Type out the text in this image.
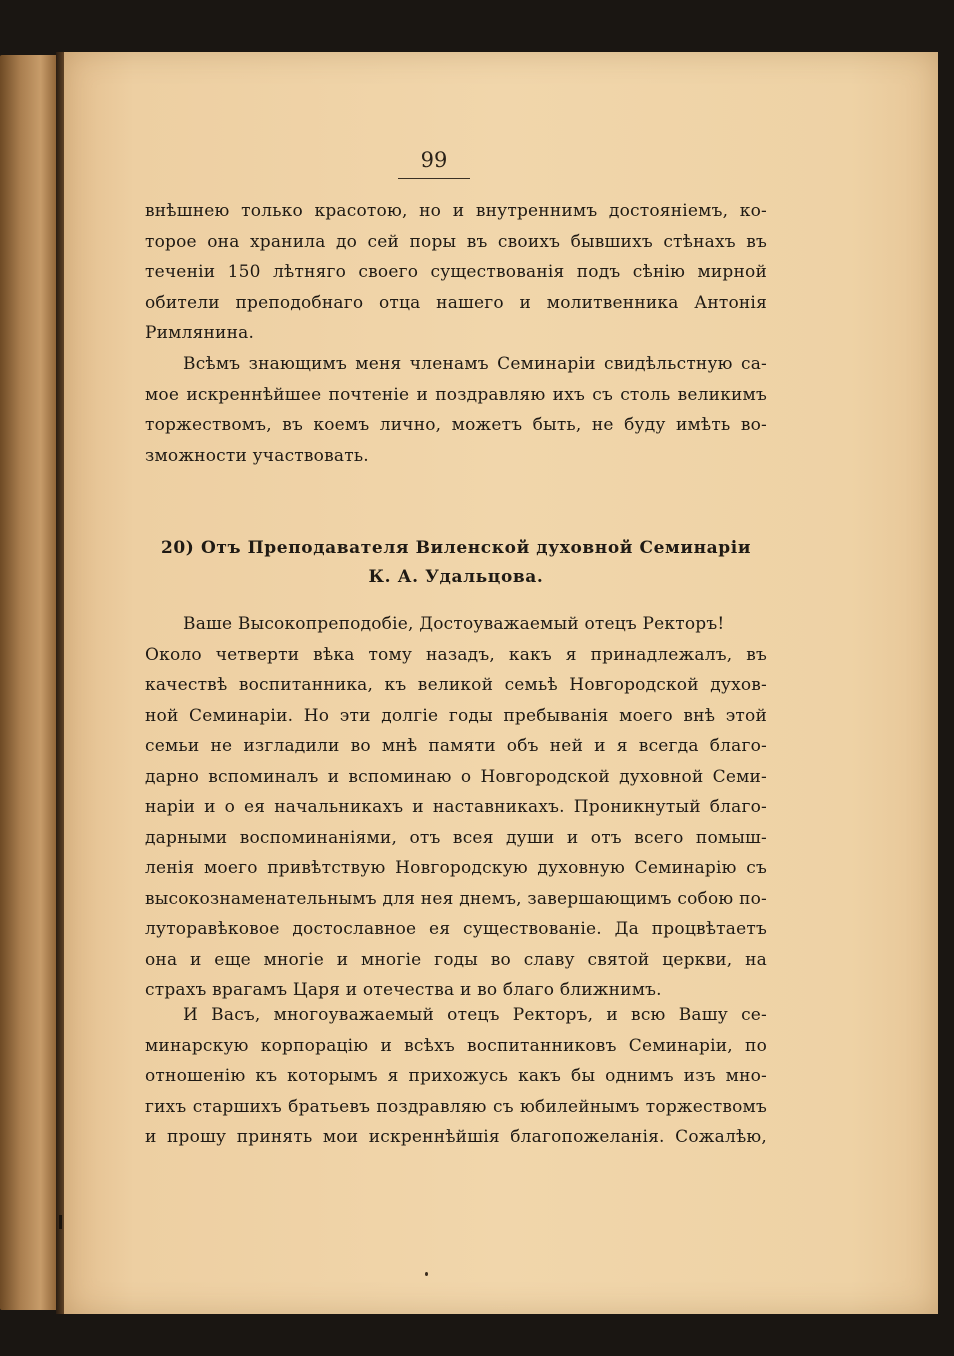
99
внѣшнею только красотою, но и внутреннимъ достояніемъ, ко-
торое она хранила до сей поры въ своихъ бывшихъ стѣнахъ въ
теченіи 150 лѣтняго своего существованія подъ сѣнію мирной
обители преподобнаго отца нашего и молитвенника Антонія
Римлянина.
Всѣмъ знающимъ меня членамъ Семинаріи свидѣльстную са-
мое искреннѣйшее почтеніе и поздравляю ихъ съ столь великимъ
торжествомъ, въ коемъ лично, можетъ быть, не буду имѣть во-
зможности участвовать.
20) Отъ Преподавателя Виленской духовной Семинаріи
К. А. Удальцова.
Ваше Высокопреподобіе, Достоуважаемый отецъ Ректоръ!
Около четверти вѣка тому назадъ, какъ я принадлежалъ, въ
качествѣ воспитанника, къ великой семьѣ Новгородской духов-
ной Семинаріи. Но эти долгіе годы пребыванія моего внѣ этой
семьи не изгладили во мнѣ памяти объ ней и я всегда благо-
дарно вспоминалъ и вспоминаю о Новгородской духовной Семи-
наріи и о ея начальникахъ и наставникахъ. Проникнутый благо-
дарными воспоминаніями, отъ всея души и отъ всего помыш-
ленія моего привѣтствую Новгородскую духовную Семинарію съ
высокознаменательнымъ для нея днемъ, завершающимъ собою по-
луторавѣковое достославное ея существованіе. Да процвѣтаетъ
она и еще многіе и многіе годы во славу святой церкви, на
страхъ врагамъ Царя и отечества и во благо ближнимъ.
И Васъ, многоуважаемый отецъ Ректоръ, и всю Вашу се-
минарскую корпорацію и всѣхъ воспитанниковъ Семинаріи, по
отношенію къ которымъ я прихожусь какъ бы однимъ изъ мно-
гихъ старшихъ братьевъ поздравляю съ юбилейнымъ торжествомъ
и прошу принять мои искреннѣйшія благопожеланія. Сожалѣю,
